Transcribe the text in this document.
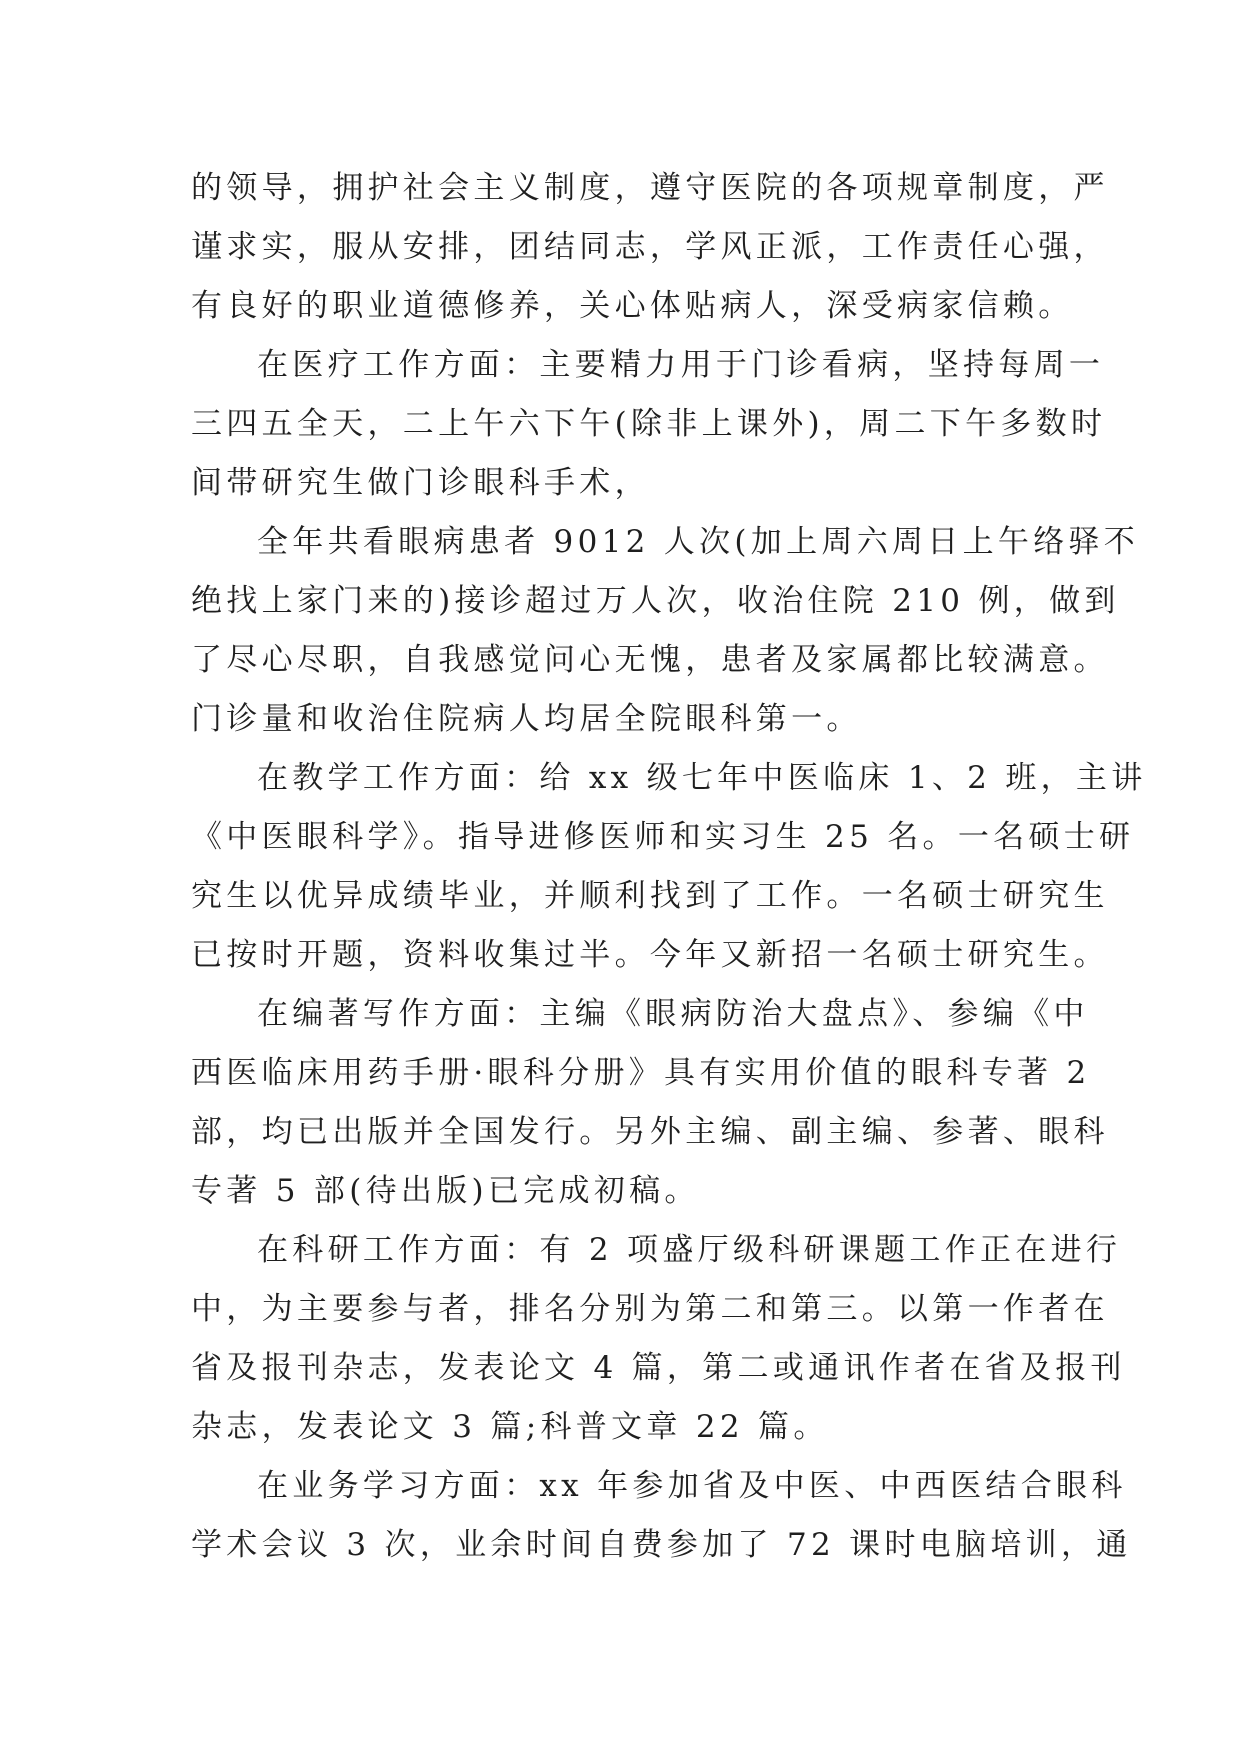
的领导，拥护社会主义制度，遵守医院的各项规章制度，严
谨求实，服从安排，团结同志，学风正派，工作责任心强，
有良好的职业道德修养，关心体贴病人，深受病家信赖。
在医疗工作方面：主要精力用于门诊看病，坚持每周一
三四五全天，二上午六下午(除非上课外)，周二下午多数时
间带研究生做门诊眼科手术，
全年共看眼病患者 9012 人次(加上周六周日上午络驿不
绝找上家门来的)接诊超过万人次，收治住院 210 例，做到
了尽心尽职，自我感觉问心无愧，患者及家属都比较满意。
门诊量和收治住院病人均居全院眼科第一。
在教学工作方面：给 xx 级七年中医临床 1、2 班，主讲
《中医眼科学》。指导进修医师和实习生 25 名。一名硕士研
究生以优异成绩毕业，并顺利找到了工作。一名硕士研究生
已按时开题，资料收集过半。今年又新招一名硕士研究生。
在编著写作方面：主编《眼病防治大盘点》、参编《中
西医临床用药手册·眼科分册》具有实用价值的眼科专著 2
部，均已出版并全国发行。另外主编、副主编、参著、眼科
专著 5 部(待出版)已完成初稿。
在科研工作方面：有 2 项盛厅级科研课题工作正在进行
中，为主要参与者，排名分别为第二和第三。以第一作者在
省及报刊杂志，发表论文 4 篇，第二或通讯作者在省及报刊
杂志，发表论文 3 篇;科普文章 22 篇。
在业务学习方面：xx 年参加省及中医、中西医结合眼科
学术会议 3 次，业余时间自费参加了 72 课时电脑培训，通
